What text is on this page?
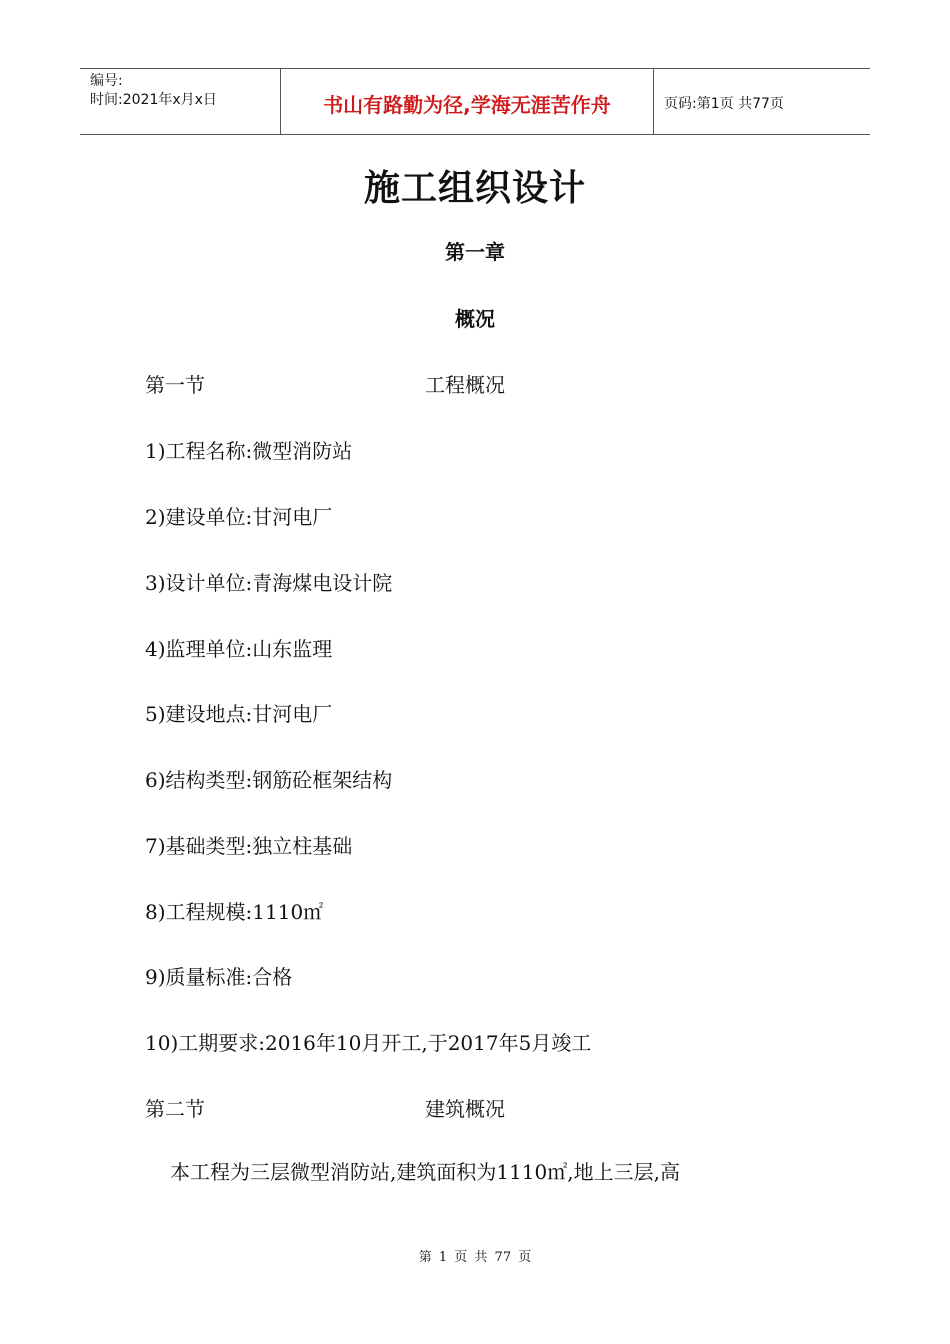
编号:
时间:2021年x月x日	书山有路勤为径,学海无涯苦作舟	页码:第1页 共77页
施工组织设计
第一章
概况
第一节	工程概况
1)工程名称:微型消防站
2)建设单位:甘河电厂
3)设计单位:青海煤电设计院
4)监理单位:山东监理
5)建设地点:甘河电厂
6)结构类型:钢筋砼框架结构
7)基础类型:独立柱基础
8)工程规模:1110㎡
9)质量标准:合格
10)工期要求:2016年10月开工,于2017年5月竣工
第二节	建筑概况
本工程为三层微型消防站,建筑面积为1110㎡,地上三层,高
第 1 页 共 77 页
